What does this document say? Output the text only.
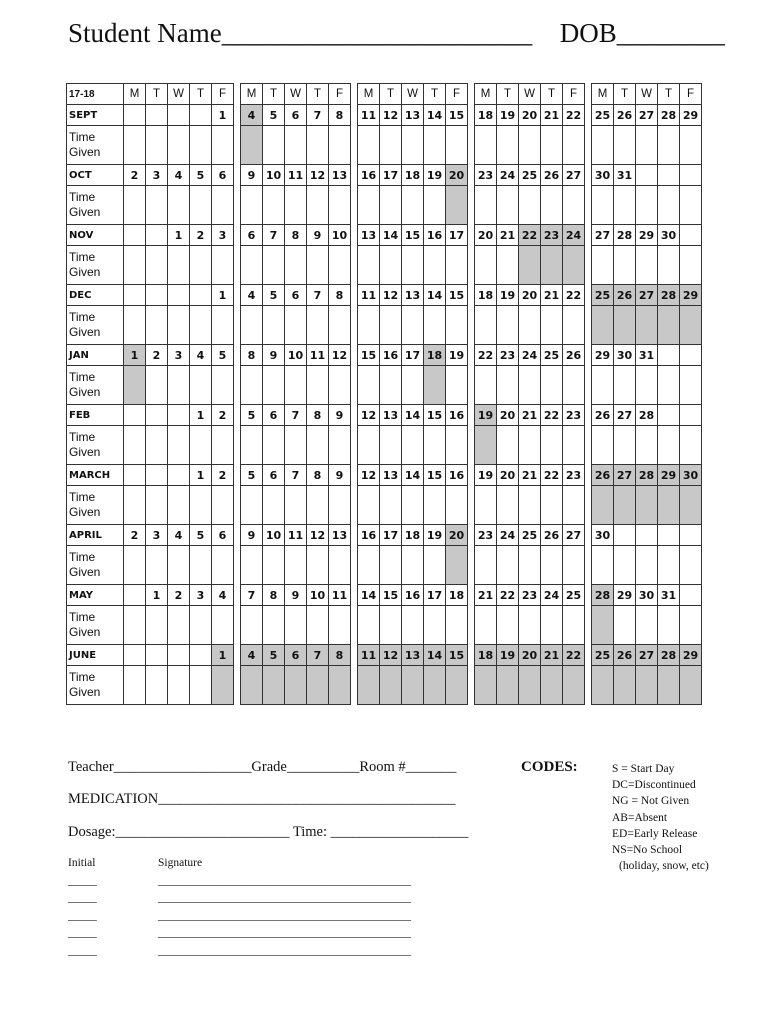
Student Name_______________________ DOB________
17-18	M	T	W	T	F		M	T	W	T	F		M	T	W	T	F		M	T	W	T	F		M	T	W	T	F
SEPT					1		4	5	6	7	8		11	12	13	14	15		18	19	20	21	22		25	26	27	28	29
Time Given																													
OCT	2	3	4	5	6		9	10	11	12	13		16	17	18	19	20		23	24	25	26	27		30	31			
Time Given																													
NOV			1	2	3		6	7	8	9	10		13	14	15	16	17		20	21	22	23	24		27	28	29	30	
Time Given																													
DEC					1		4	5	6	7	8		11	12	13	14	15		18	19	20	21	22		25	26	27	28	29
Time Given																													
JAN	1	2	3	4	5		8	9	10	11	12		15	16	17	18	19		22	23	24	25	26		29	30	31		
Time Given																													
FEB				1	2		5	6	7	8	9		12	13	14	15	16		19	20	21	22	23		26	27	28		
Time Given																													
MARCH				1	2		5	6	7	8	9		12	13	14	15	16		19	20	21	22	23		26	27	28	29	30
Time Given																													
APRIL	2	3	4	5	6		9	10	11	12	13		16	17	18	19	20		23	24	25	26	27		30				
Time Given																													
MAY		1	2	3	4		7	8	9	10	11		14	15	16	17	18		21	22	23	24	25		28	29	30	31	
Time Given																													
JUNE					1		4	5	6	7	8		11	12	13	14	15		18	19	20	21	22		25	26	27	28	29
Time Given																													
Teacher___________________Grade__________Room #_______
MEDICATION_________________________________________
Dosage:________________________ Time: ___________________
Initial
_____
_____
_____
_____
_____
Signature
____________________________________________
____________________________________________
____________________________________________
____________________________________________
____________________________________________
CODES:	S = Start Day
DC=Discontinued
NG = Not Given
AB=Absent
ED=Early Release
NS=No School
(holiday, snow, etc)
